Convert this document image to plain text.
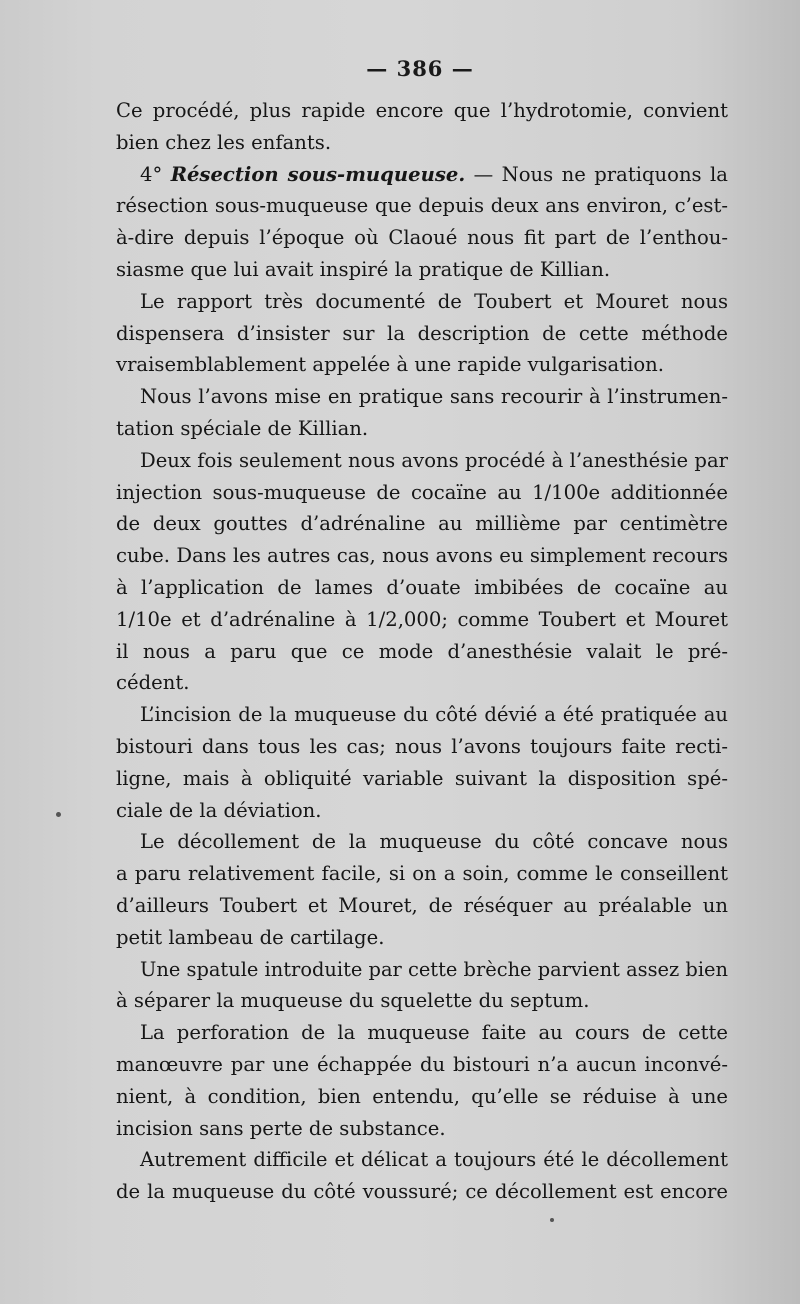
— 386 —
Ce procédé, plus rapide encore que l’hydrotomie, convient
bien chez les enfants.
4° Résection sous-muqueuse. — Nous ne pratiquons la
résection sous-muqueuse que depuis deux ans environ, c’est-
à-dire depuis l’époque où Claoué nous fit part de l’enthou-
siasme que lui avait inspiré la pratique de Killian.
Le rapport très documenté de Toubert et Mouret nous
dispensera d’insister sur la description de cette méthode
vraisemblablement appelée à une rapide vulgarisation.
Nous l’avons mise en pratique sans recourir à l’instrumen-
tation spéciale de Killian.
Deux fois seulement nous avons procédé à l’anesthésie par
injection sous-muqueuse de cocaïne au 1/100e additionnée
de deux gouttes d’adrénaline au millième par centimètre
cube. Dans les autres cas, nous avons eu simplement recours
à l’application de lames d’ouate imbibées de cocaïne au
1/10e et d’adrénaline à 1/2,000; comme Toubert et Mouret
il nous a paru que ce mode d’anesthésie valait le pré-
cédent.
L’incision de la muqueuse du côté dévié a été pratiquée au
bistouri dans tous les cas; nous l’avons toujours faite recti-
ligne, mais à obliquité variable suivant la disposition spé-
ciale de la déviation.
Le décollement de la muqueuse du côté concave nous
a paru relativement facile, si on a soin, comme le conseillent
d’ailleurs Toubert et Mouret, de réséquer au préalable un
petit lambeau de cartilage.
Une spatule introduite par cette brèche parvient assez bien
à séparer la muqueuse du squelette du septum.
La perforation de la muqueuse faite au cours de cette
manœuvre par une échappée du bistouri n’a aucun inconvé-
nient, à condition, bien entendu, qu’elle se réduise à une
incision sans perte de substance.
Autrement difficile et délicat a toujours été le décollement
de la muqueuse du côté voussuré; ce décollement est encore
